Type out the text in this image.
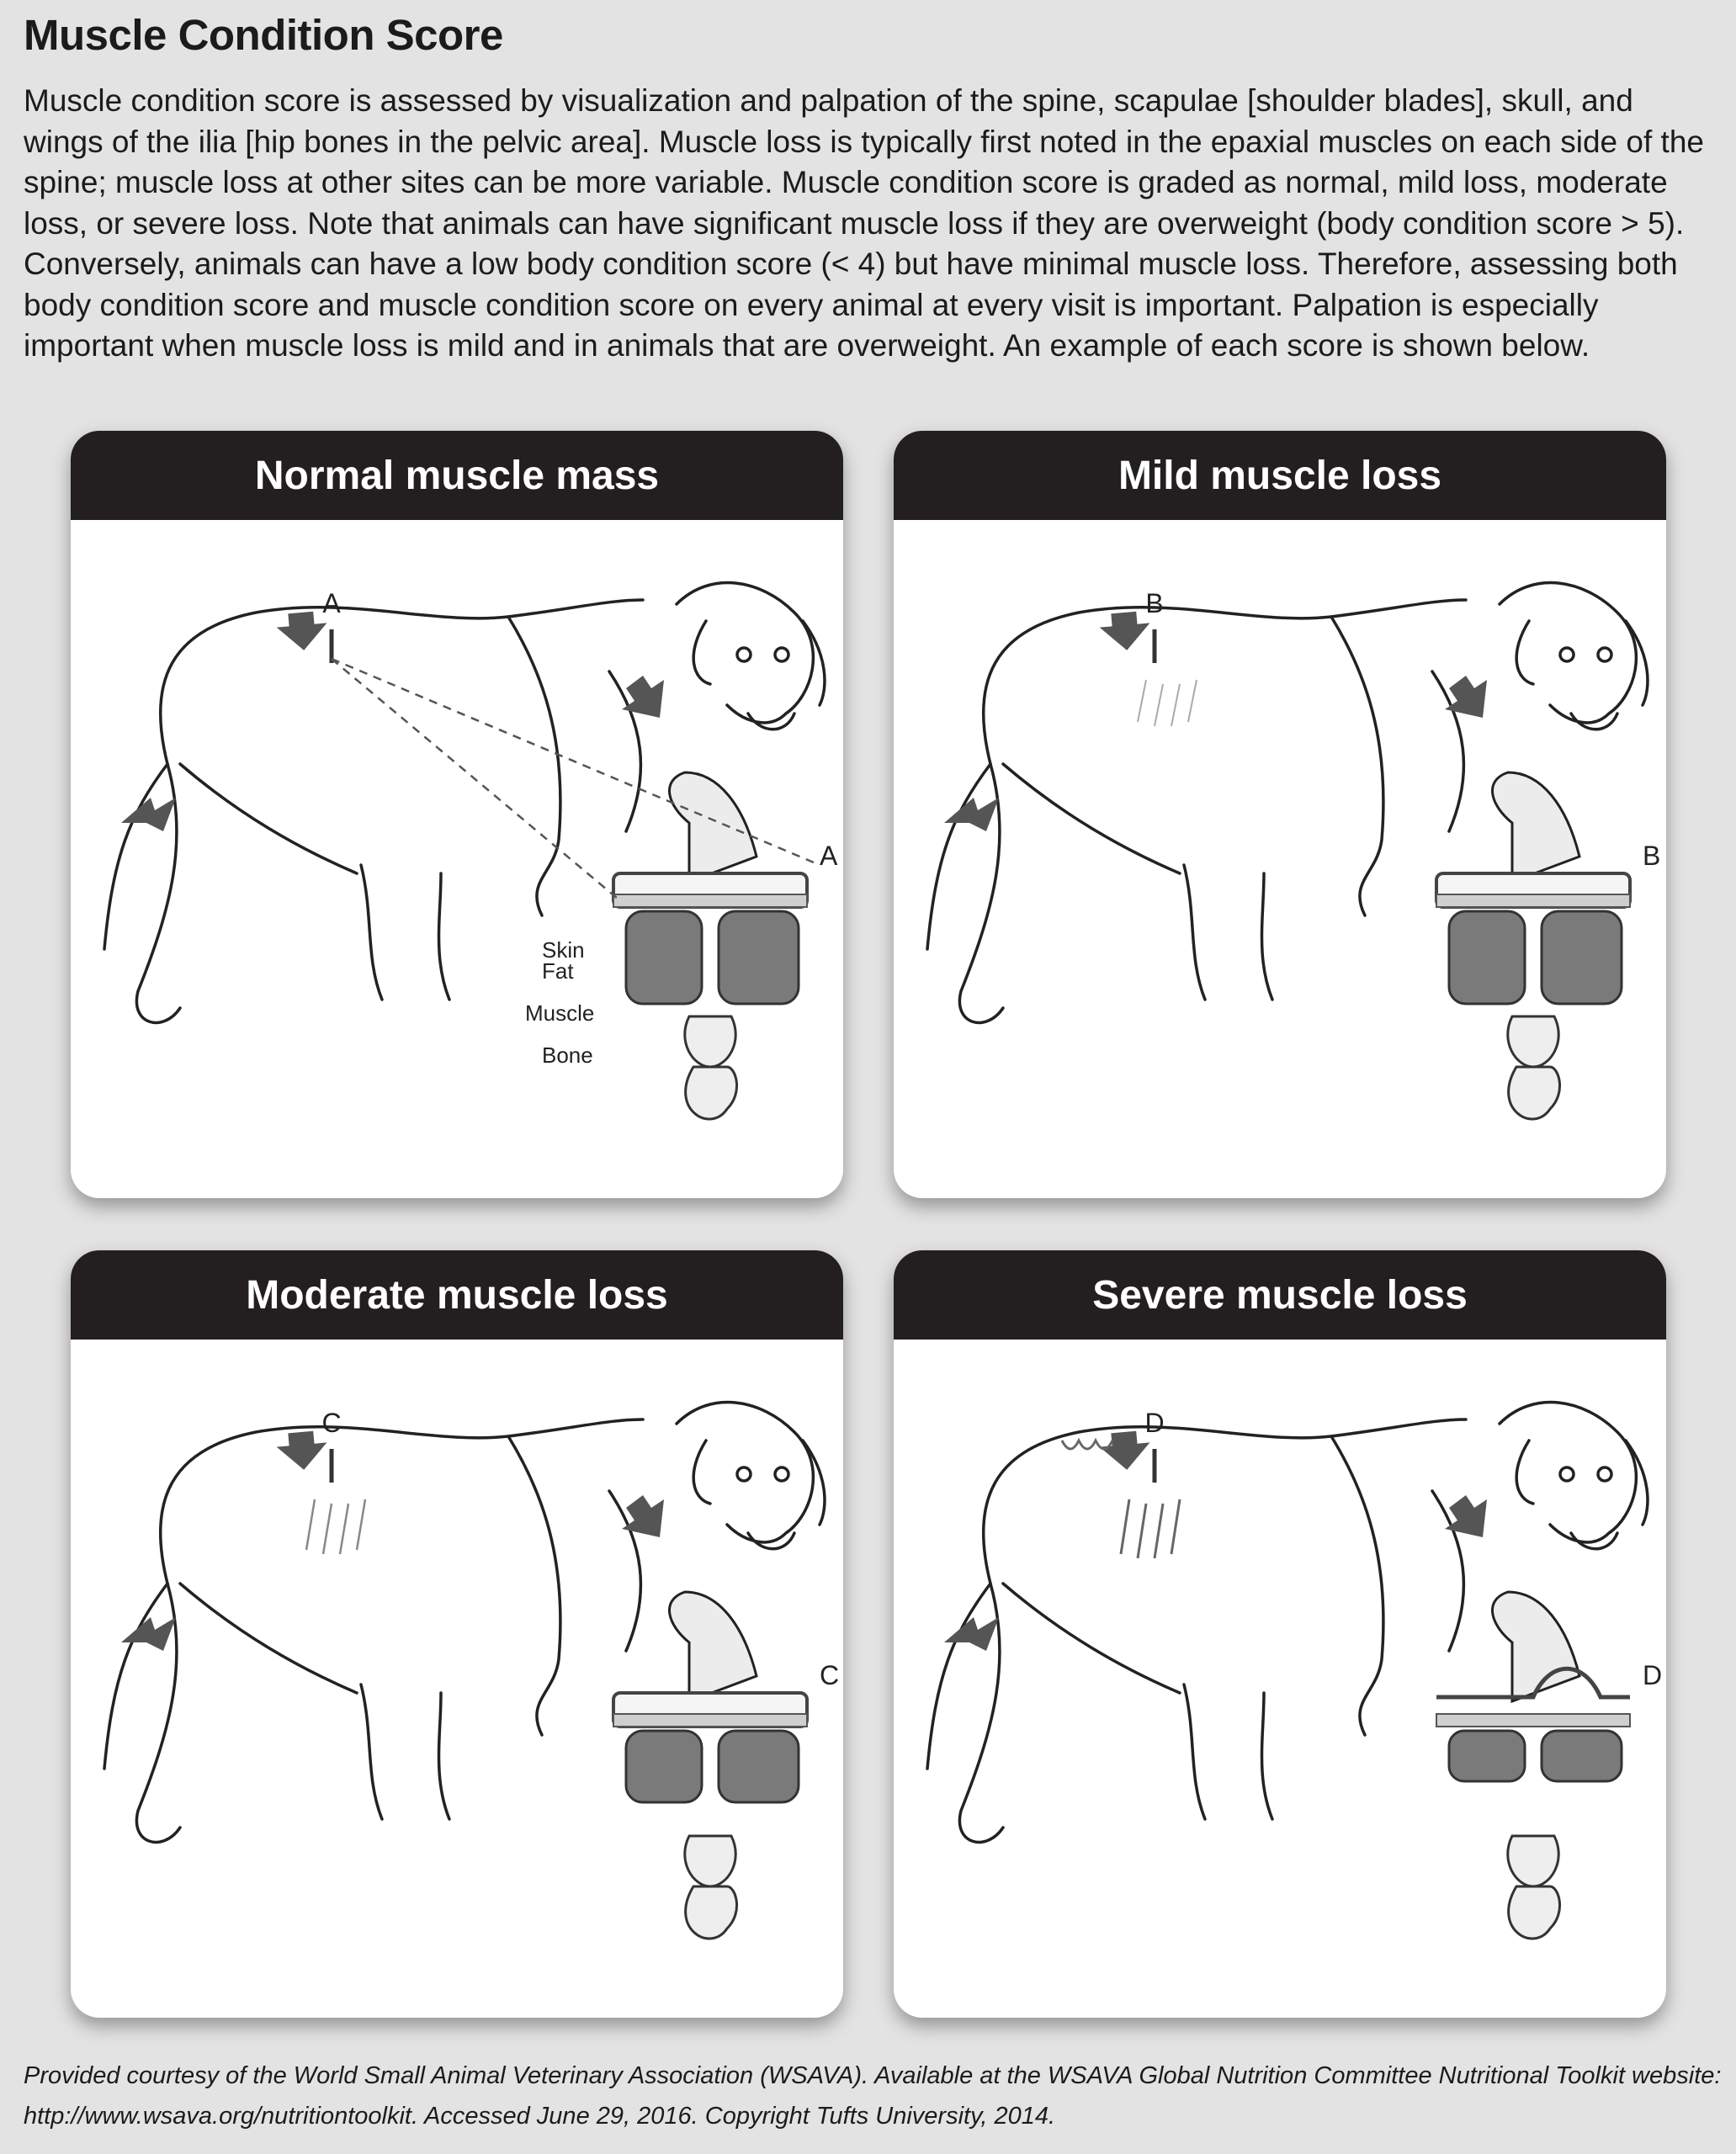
Muscle Condition Score
Muscle condition score is assessed by visualization and palpation of the spine, scapulae [shoulder blades], skull, and wings of the ilia [hip bones in the pelvic area]. Muscle loss is typically first noted in the epaxial muscles on each side of the spine; muscle loss at other sites can be more variable. Muscle condition score is graded as normal, mild loss, moderate loss, or severe loss. Note that animals can have significant muscle loss if they are overweight (body condition score > 5). Conversely, animals can have a low body condition score (< 4) but have minimal muscle loss. Therefore, assessing both body condition score and muscle condition score on every animal at every visit is important. Palpation is especially important when muscle loss is mild and in animals that are overweight. An example of each score is shown below.
Normal muscle mass
A
Skin
Fat
Muscle
Bone
A
Mild muscle loss
B
B
Moderate muscle loss
C
C
Severe muscle loss
D
D
Provided courtesy of the World Small Animal Veterinary Association (WSAVA). Available at the WSAVA Global Nutrition Committee Nutritional Toolkit website:
http://www.wsava.org/nutritiontoolkit. Accessed June 29, 2016. Copyright Tufts University, 2014.
